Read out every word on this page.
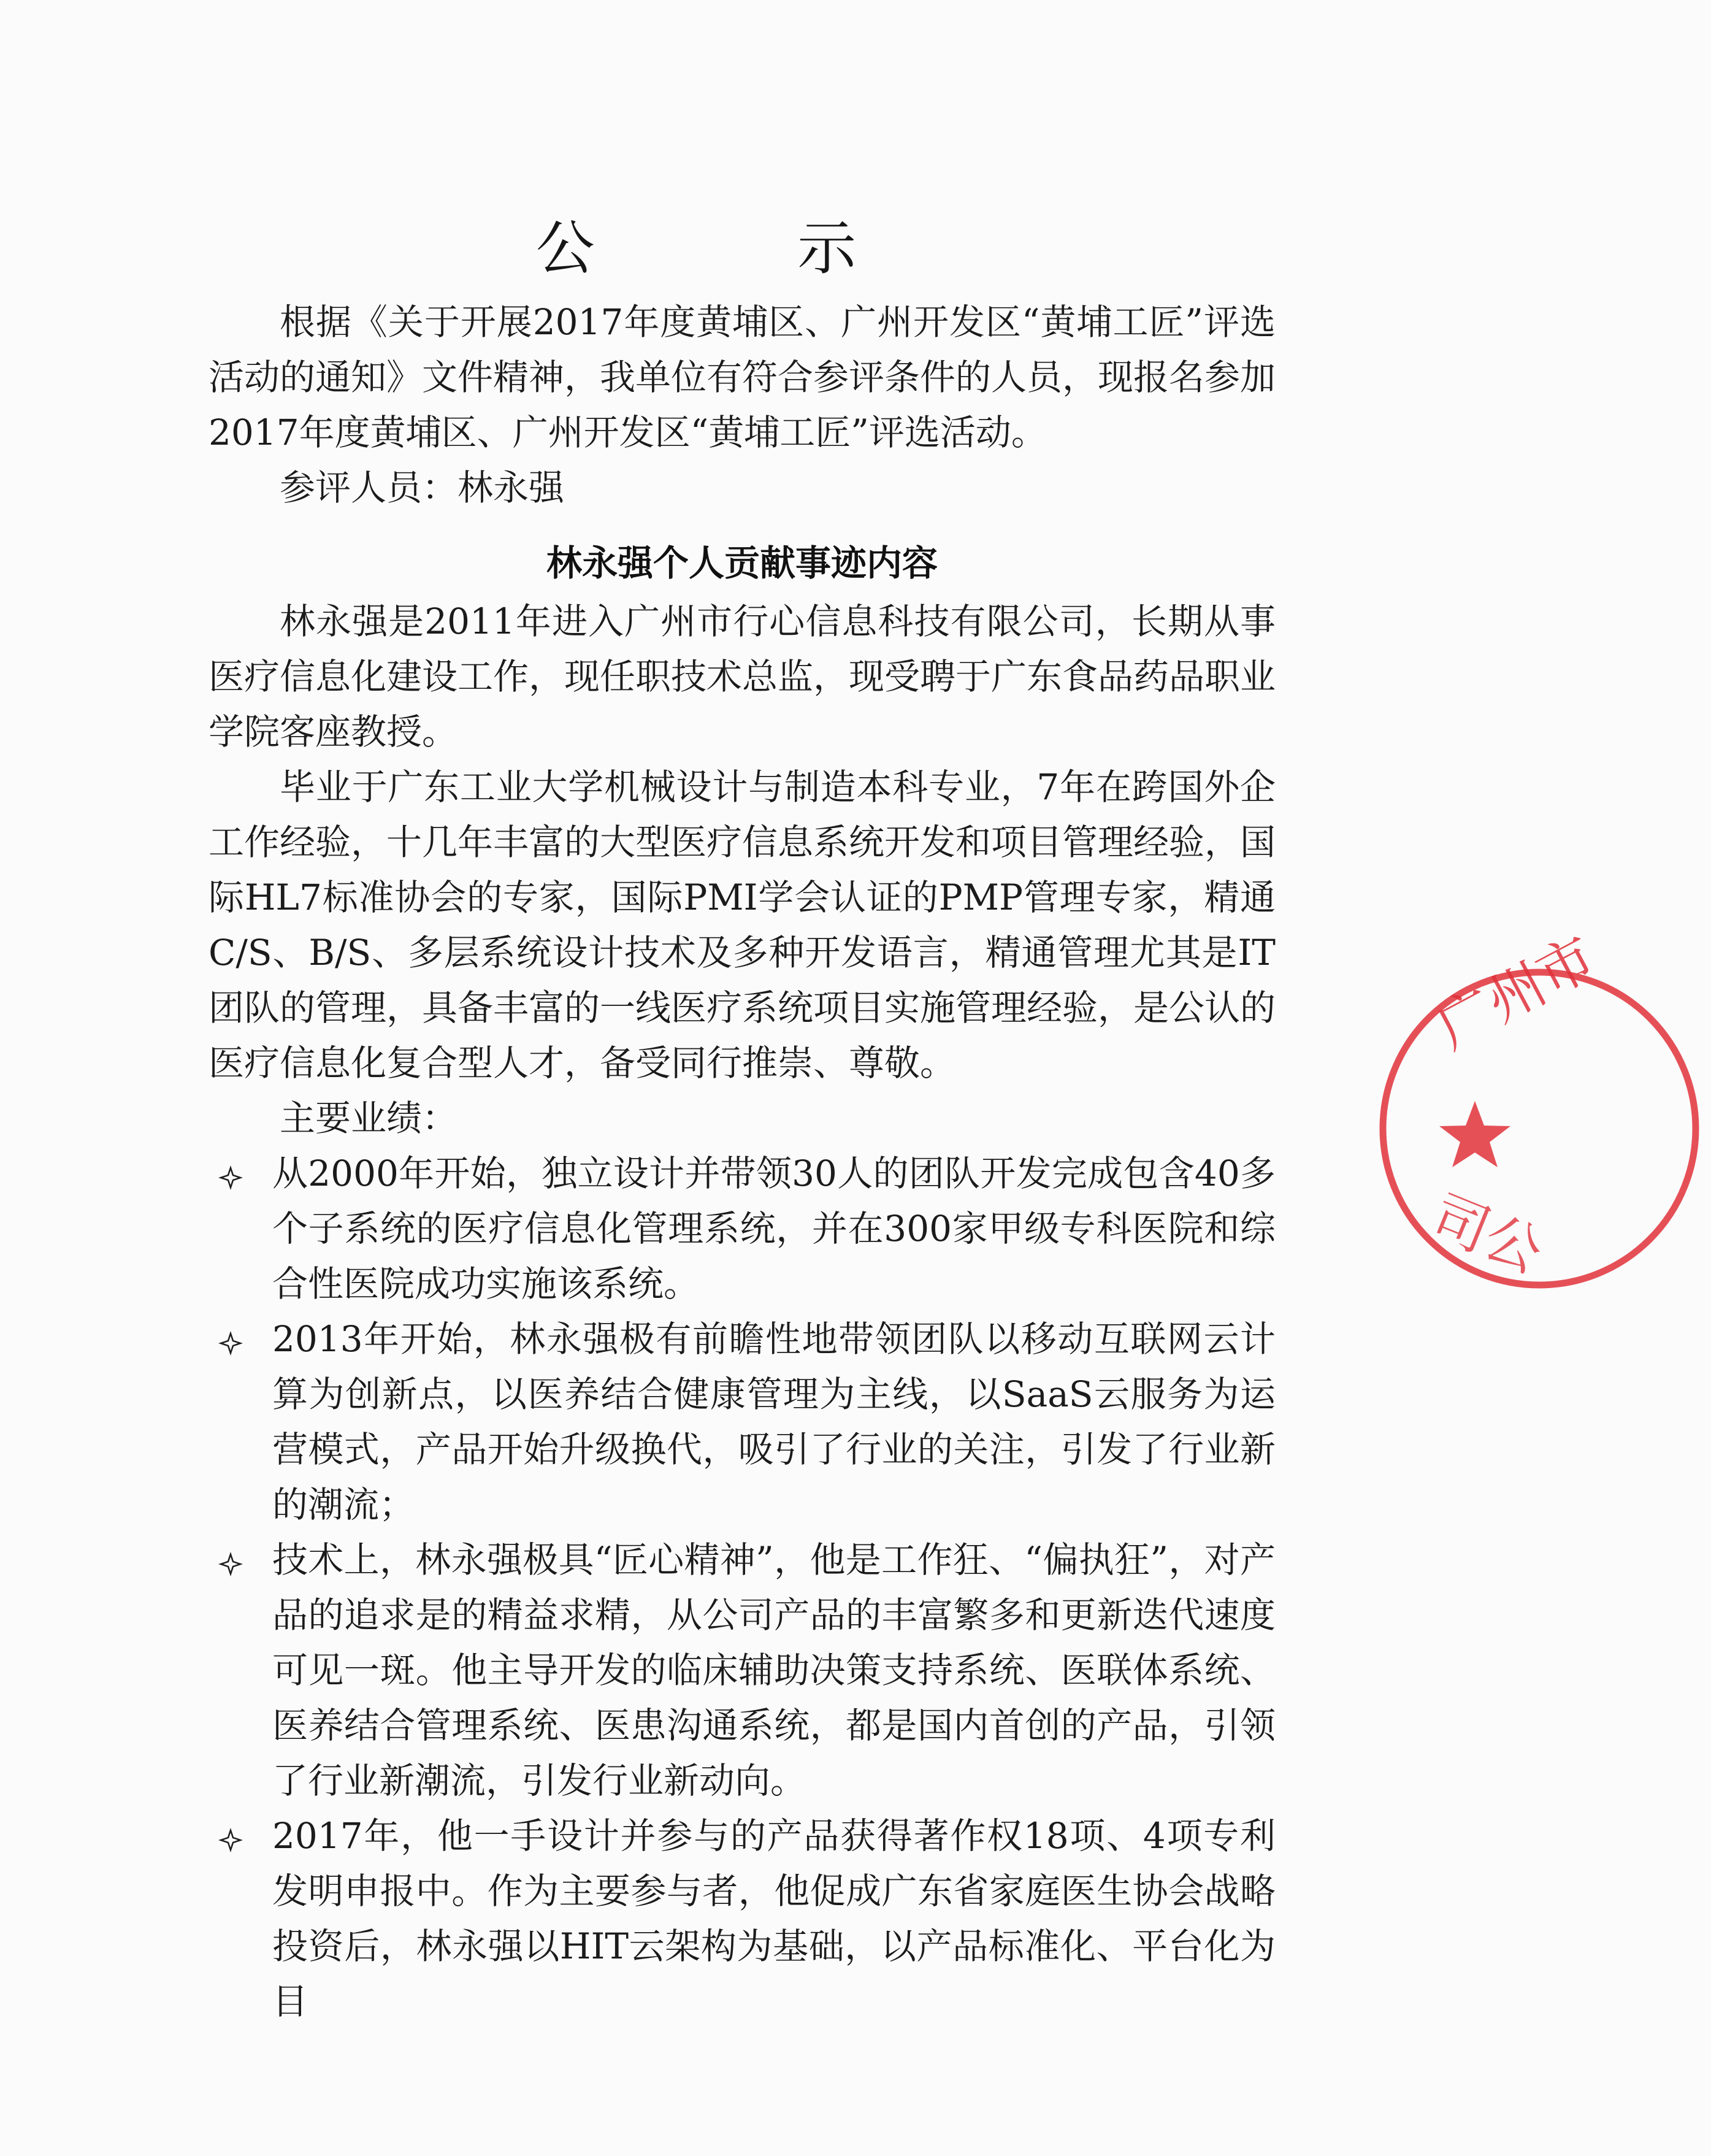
公 示

根据《关于开展2017年度黄埔区、广州开发区“黄埔工匠”评选活动的通知》文件精神，我单位有符合参评条件的人员，现报名参加2017年度黄埔区、广州开发区“黄埔工匠”评选活动。

参评人员：林永强

林永强个人贡献事迹内容

林永强是2011年进入广州市行心信息科技有限公司，长期从事医疗信息化建设工作，现任职技术总监，现受聘于广东食品药品职业学院客座教授。

毕业于广东工业大学机械设计与制造本科专业，7年在跨国外企工作经验，十几年丰富的大型医疗信息系统开发和项目管理经验，国际HL7标准协会的专家，国际PMI学会认证的PMP管理专家，精通C/S、B/S、多层系统设计技术及多种开发语言，精通管理尤其是IT团队的管理，具备丰富的一线医疗系统项目实施管理经验，是公认的医疗信息化复合型人才，备受同行推崇、尊敬。

主要业绩：

从2000年开始，独立设计并带领30人的团队开发完成包含40多个子系统的医疗信息化管理系统，并在300家甲级专科医院和综合性医院成功实施该系统。
2013年开始，林永强极有前瞻性地带领团队以移动互联网云计算为创新点，以医养结合健康管理为主线，以SaaS云服务为运营模式，产品开始升级换代，吸引了行业的关注，引发了行业新的潮流；
技术上，林永强极具“匠心精神”，他是工作狂、“偏执狂”，对产品的追求是的精益求精，从公司产品的丰富繁多和更新迭代速度可见一斑。他主导开发的临床辅助决策支持系统、医联体系统、医养结合管理系统、医患沟通系统，都是国内首创的产品，引领了行业新潮流，引发行业新动向。
2017年，他一手设计并参与的产品获得著作权18项、4项专利发明申报中。作为主要参与者，他促成广东省家庭医生协会战略投资后，林永强以HIT云架构为基础，以产品标准化、平台化为目
广州市
司公
